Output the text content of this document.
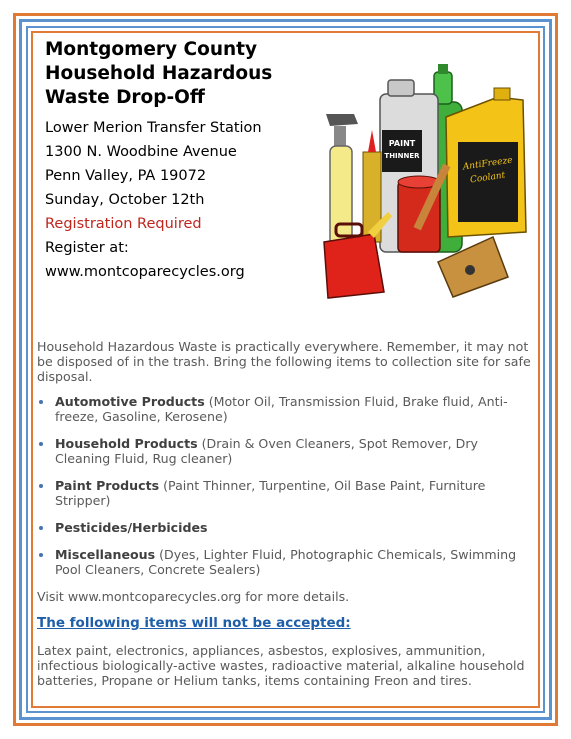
Montgomery County
Household Hazardous
Waste Drop-Off
Lower Merion Transfer Station
1300 N. Woodbine Avenue
Penn Valley, PA 19072
Sunday, October 12th
Registration Required
Register at:
www.montcoparecycles.org
PAINT
THINNER	AntiFreeze
Coolant

Household Hazardous Waste is practically everywhere. Remember, it may not be disposed of in the trash. Bring the following items to collection site for safe disposal.

Automotive Products (Motor Oil, Transmission Fluid, Brake fluid, Anti-freeze, Gasoline, Kerosene)
Household Products (Drain & Oven Cleaners, Spot Remover, Dry Cleaning Fluid, Rug cleaner)
Paint Products (Paint Thinner, Turpentine, Oil Base Paint, Furniture Stripper)
Pesticides/Herbicides
Miscellaneous (Dyes, Lighter Fluid, Photographic Chemicals, Swimming Pool Cleaners, Concrete Sealers)

Visit www.montcoparecycles.org for more details.

The following items will not be accepted:

Latex paint, electronics, appliances, asbestos, explosives, ammunition, infectious biologically-active wastes, radioactive material, alkaline household batteries, Propane or Helium tanks, items containing Freon and tires.
